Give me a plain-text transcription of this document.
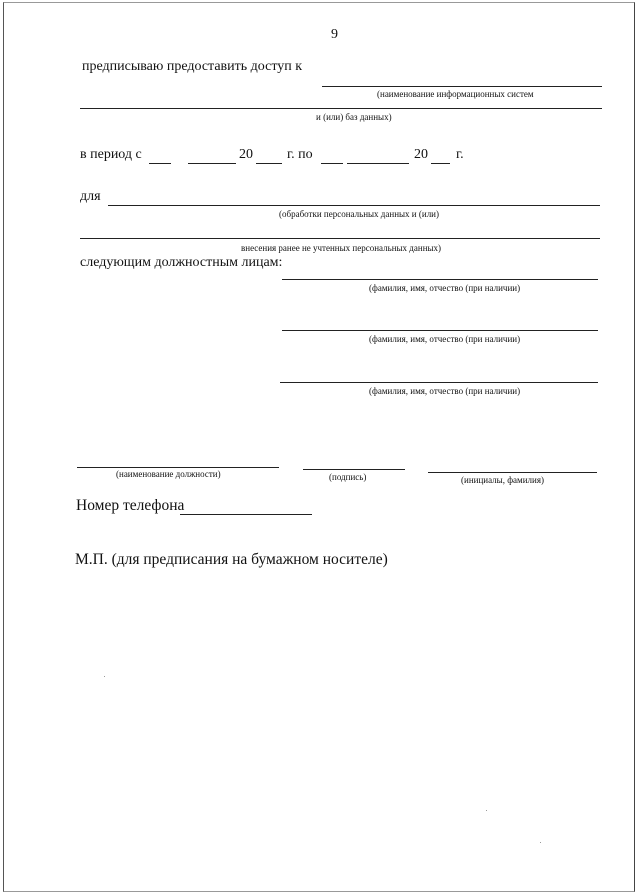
9
предписываю предоставить доступ к
(наименование информационных систем
и (или) баз данных)
в период с	20 г. по	20 г.
для
(обработки персональных данных и (или)
внесения ранее не учтенных персональных данных)
следующим должностным лицам:
(фамилия, имя, отчество (при наличии)
(фамилия, имя, отчество (при наличии)
(фамилия, имя, отчество (при наличии)
(наименование должности)	(подпись)	(инициалы, фамилия)
Номер телефона
М.П. (для предписания на бумажном носителе)
